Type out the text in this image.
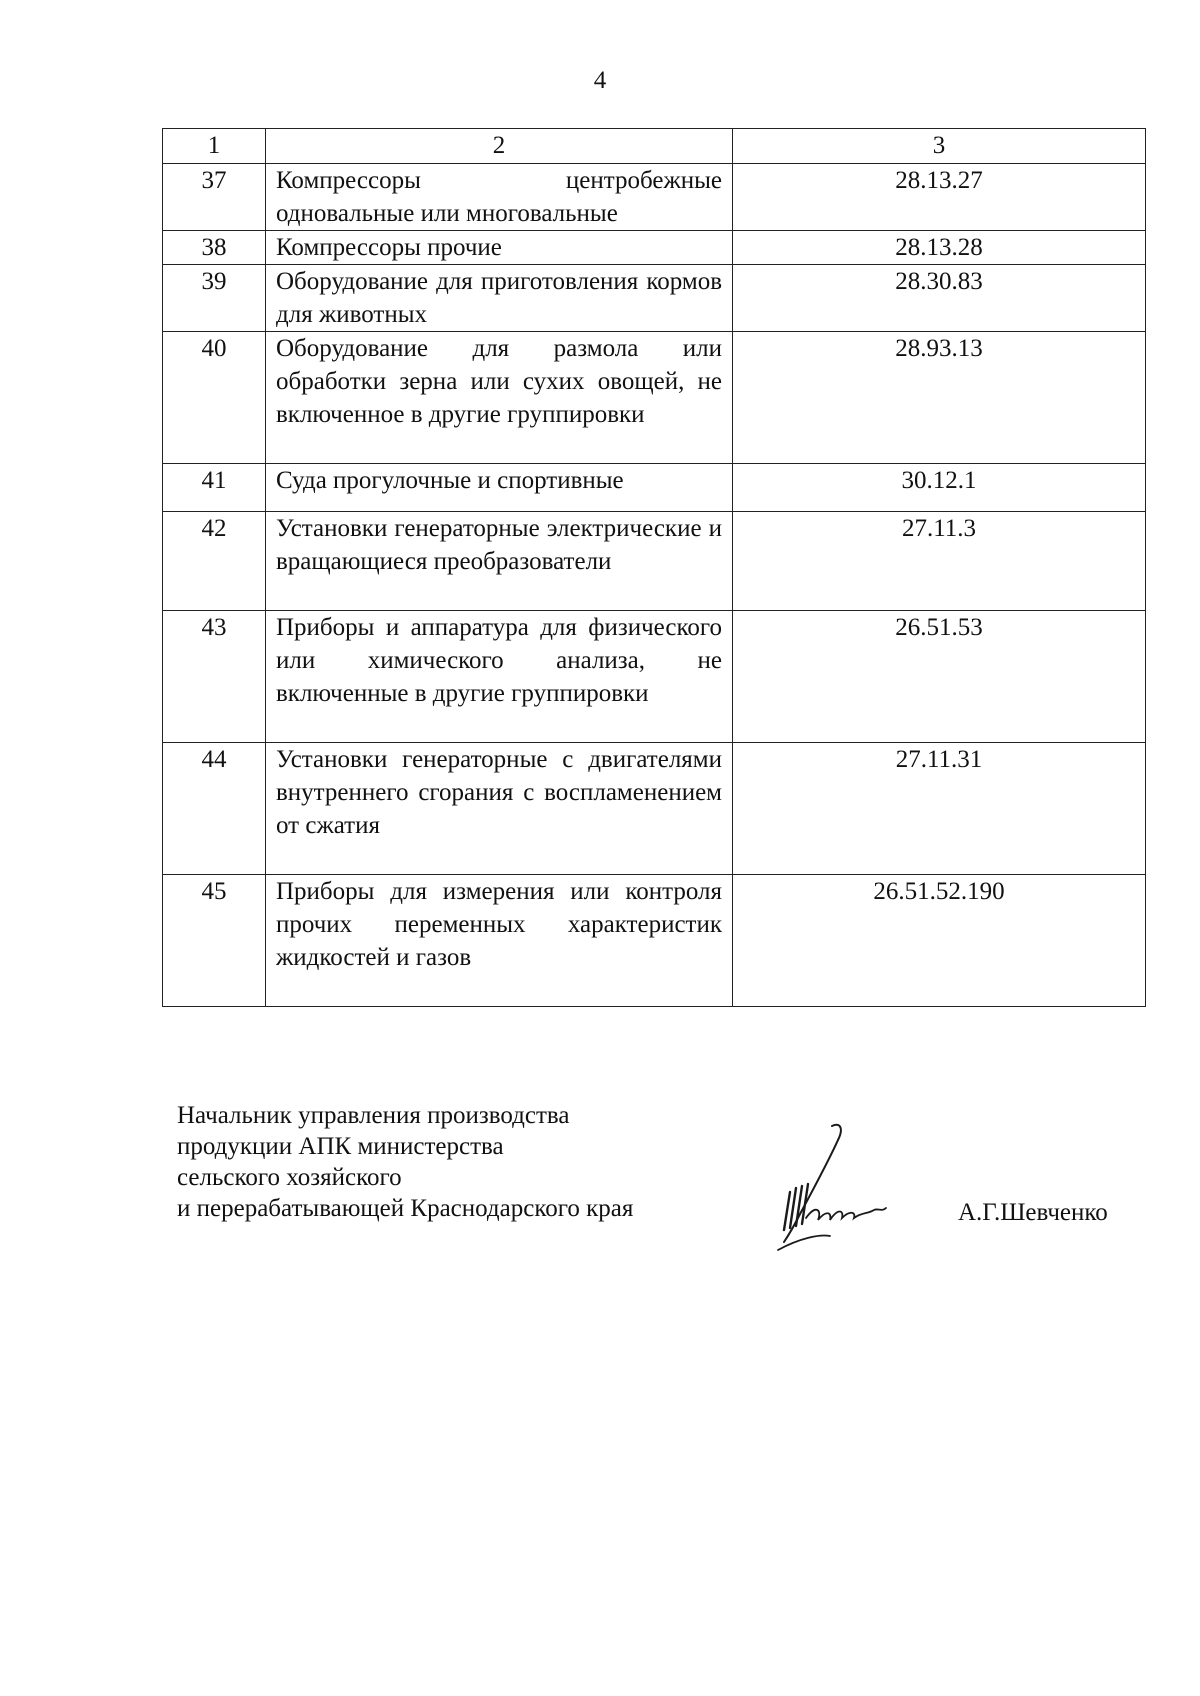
4
1	2	3
37	Компрессоры центробежные одновальные или многовальные	28.13.27
38	Компрессоры прочие	28.13.28
39	Оборудование для приготовления кормов для животных	28.30.83
40	Оборудование для размола или обработки зерна или сухих овощей, не включенное в другие группировки	28.93.13
41	Суда прогулочные и спортивные	30.12.1
42	Установки генераторные электрические и вращающиеся преобразователи	27.11.3
43	Приборы и аппаратура для физического или химического анализа, не включенные в другие группировки	26.51.53
44	Установки генераторные с двигателями внутреннего сгорания с воспламенением от сжатия	27.11.31
45	Приборы для измерения или контроля прочих переменных характеристик жидкостей и газов	26.51.52.190
Начальник управления производства
продукции АПК министерства
сельского хозяйского
и перерабатывающей Краснодарского края	А.Г.Шевченко
